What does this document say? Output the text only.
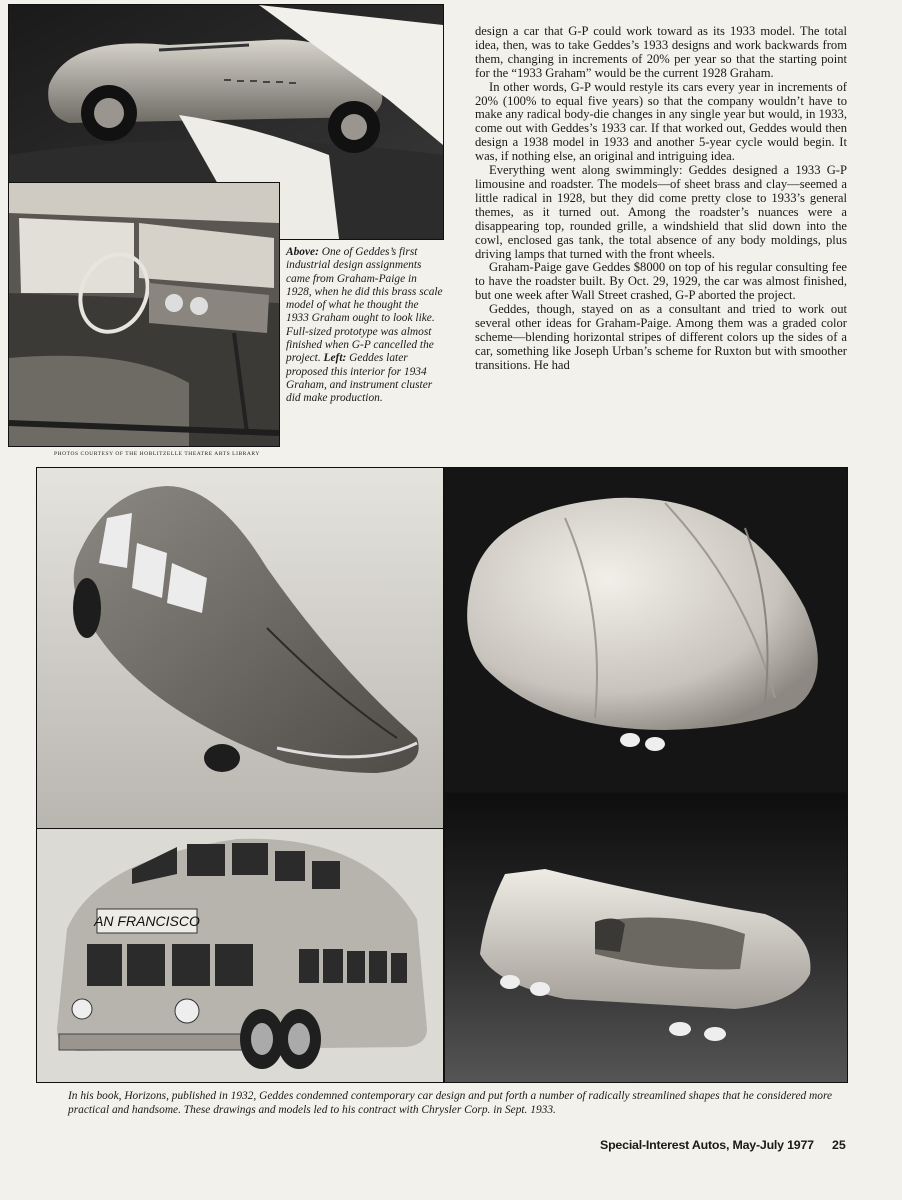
AN FRANCISCO

design a car that G-P could work toward as its 1933 model. The total idea, then, was to take Geddes’s 1933 designs and work backwards from them, changing in increments of 20% per year so that the starting point for the “1933 Graham” would be the current 1928 Graham.

In other words, G-P would restyle its cars every year in increments of 20% (100% to equal five years) so that the company wouldn’t have to make any radical body-die changes in any single year but would, in 1933, come out with Geddes’s 1933 car. If that worked out, Geddes would then design a 1938 model in 1933 and another 5-year cycle would begin. It was, if nothing else, an original and intriguing idea.

Everything went along swimmingly: Geddes designed a 1933 G-P limousine and roadster. The models—of sheet brass and clay—seemed a little radical in 1928, but they did come pretty close to 1933’s general themes, as it turned out. Among the roadster’s nuances were a disappearing top, rounded grille, a windshield that slid down into the cowl, enclosed gas tank, the total absence of any body moldings, plus driving lamps that turned with the front wheels.

Graham-Paige gave Geddes $8000 on top of his regular consulting fee to have the roadster built. By Oct. 29, 1929, the car was almost finished, but one week after Wall Street crashed, G-P aborted the project.

Geddes, though, stayed on as a consultant and tried to work out several other ideas for Graham-Paige. Among them was a graded color scheme—blending horizontal stripes of different colors up the sides of a car, something like Joseph Urban’s scheme for Ruxton but with smoother transitions. He had

Above: One of Geddes’s first industrial design assignments came from Graham-Paige in 1928, when he did this brass scale model of what he thought the 1933 Graham ought to look like. Full-sized prototype was almost finished when G-P cancelled the project. Left: Geddes later proposed this interior for 1934 Graham, and instrument cluster did make production.
PHOTOS COURTESY OF THE HOBLITZELLE THEATRE ARTS LIBRARY
In his book, Horizons, published in 1932, Geddes condemned contemporary car design and put forth a number of radically streamlined shapes that he considered more practical and handsome. These drawings and models led to his contract with Chrysler Corp. in Sept. 1933.
Special-Interest Autos, May-July 1977 25
